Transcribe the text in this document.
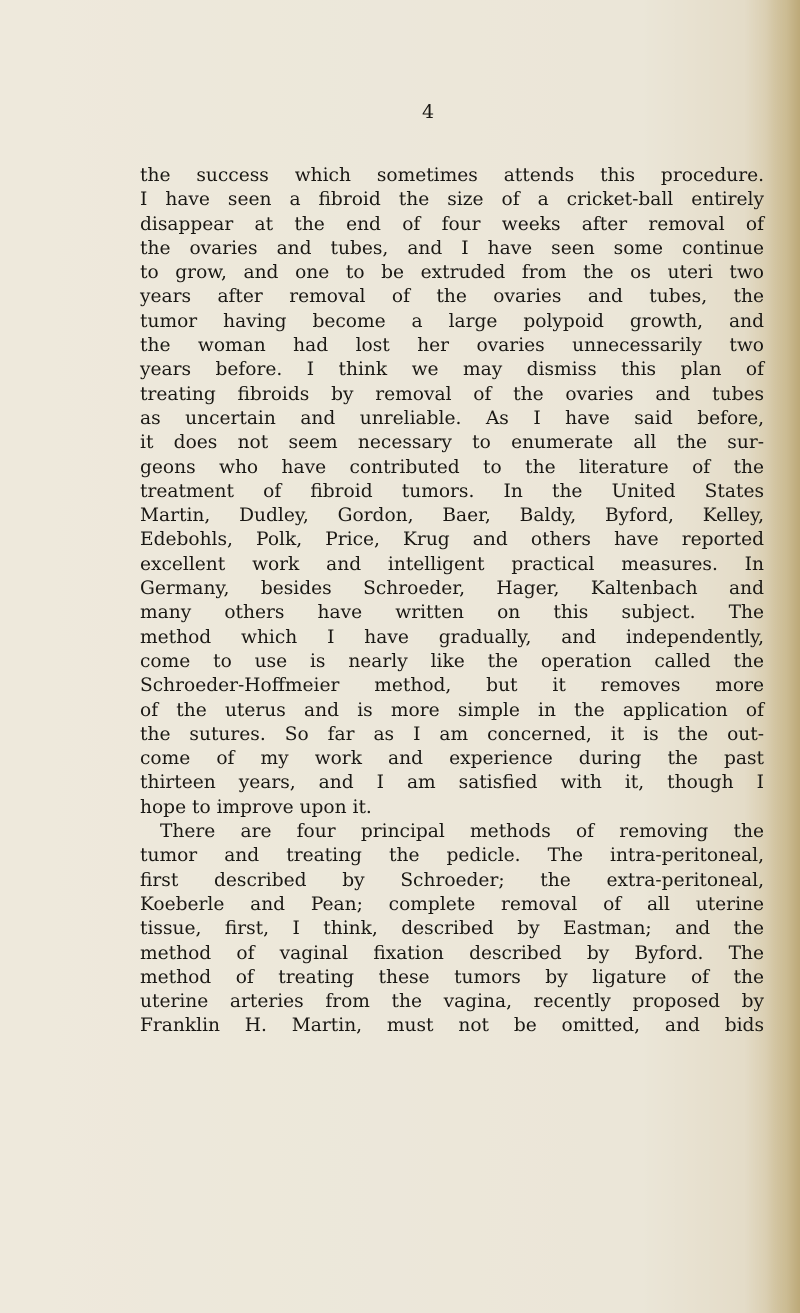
4
the success which sometimes attends this procedure.
I have seen a fibroid the size of a cricket-ball entirely
disappear at the end of four weeks after removal of
the ovaries and tubes, and I have seen some continue
to grow, and one to be extruded from the os uteri two
years after removal of the ovaries and tubes, the
tumor having become a large polypoid growth, and
the woman had lost her ovaries unnecessarily two
years before. I think we may dismiss this plan of
treating fibroids by removal of the ovaries and tubes
as uncertain and unreliable. As I have said before,
it does not seem necessary to enumerate all the sur-
geons who have contributed to the literature of the
treatment of fibroid tumors. In the United States
Martin, Dudley, Gordon, Baer, Baldy, Byford, Kelley,
Edebohls, Polk, Price, Krug and others have reported
excellent work and intelligent practical measures. In
Germany, besides Schroeder, Hager, Kaltenbach and
many others have written on this subject. The
method which I have gradually, and independently,
come to use is nearly like the operation called the
Schroeder-Hoffmeier method, but it removes more
of the uterus and is more simple in the application of
the sutures. So far as I am concerned, it is the out-
come of my work and experience during the past
thirteen years, and I am satisfied with it, though I
hope to improve upon it.
There are four principal methods of removing the
tumor and treating the pedicle. The intra-peritoneal,
first described by Schroeder; the extra-peritoneal,
Koeberle and Pean; complete removal of all uterine
tissue, first, I think, described by Eastman; and the
method of vaginal fixation described by Byford. The
method of treating these tumors by ligature of the
uterine arteries from the vagina, recently proposed by
Franklin H. Martin, must not be omitted, and bids
